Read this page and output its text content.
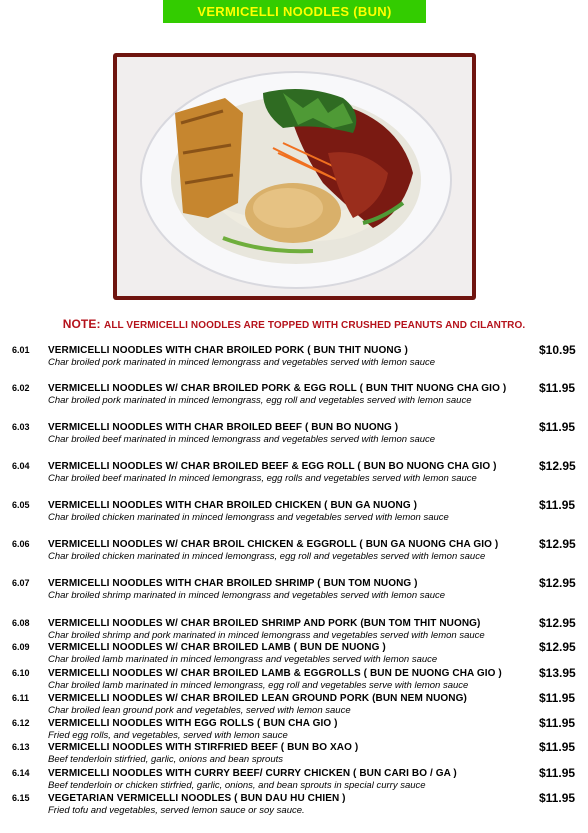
VERMICELLI NOODLES (BUN)
NOTE: ALL VERMICELLI NOODLES ARE TOPPED WITH CRUSHED PEANUTS AND CILANTRO.
6.01 VERMICELLI NOODLES WITH CHAR BROILED PORK ( BUN THIT NUONG )
Char broiled pork marinated in minced lemongrass and vegetables served with lemon sauce
$10.95
6.02 VERMICELLI NOODLES W/ CHAR BROILED PORK & EGG ROLL ( BUN THIT NUONG CHA GIO )
Char broiled pork marinated in minced lemongrass, egg roll and vegetables served with lemon sauce
$11.95
6.03 VERMICELLI NOODLES WITH CHAR BROILED BEEF ( BUN BO NUONG )
Char broiled beef marinated in minced lemongrass and vegetables served with lemon sauce
$11.95
6.04 VERMICELLI NOODLES W/ CHAR BROILED BEEF & EGG ROLL ( BUN BO NUONG CHA GIO )
Char broiled beef marinated In minced lemongrass, egg rolls and vegetables served with lemon sauce
$12.95
6.05 VERMICELLI NOODLES WITH CHAR BROILED CHICKEN ( BUN GA NUONG )
Char broiled chicken marinated in minced lemongrass and vegetables served with lemon sauce
$11.95
6.06 VERMICELLI NOODLES W/ CHAR BROIL CHICKEN & EGGROLL ( BUN GA NUONG CHA GIO )
Char broiled chicken marinated in minced lemongrass, egg roll and vegetables served with lemon sauce
$12.95
6.07 VERMICELLI NOODLES WITH CHAR BROILED SHRIMP ( BUN TOM NUONG )
Char broiled shrimp marinated in minced lemongrass and vegetables served with lemon sauce
$12.95
6.08 VERMICELLI NOODLES W/ CHAR BROILED SHRIMP AND PORK (BUN TOM THIT NUONG)
Char broiled shrimp and pork marinated in minced lemongrass and vegetables served with lemon sauce
$12.95
6.09 VERMICELLI NOODLES W/ CHAR BROILED LAMB ( BUN DE NUONG )
Char broiled lamb marinated in minced lemongrass and vegetables served with lemon sauce
$12.95
6.10 VERMICELLI NOODLES W/ CHAR BROILED LAMB & EGGROLLS ( BUN DE NUONG CHA GIO )
Char broiled lamb marinated in minced lemongrass, egg roll and vegetables serve with lemon sauce
$13.95
6.11 VERMICELLI NOODLES W/ CHAR BROILED LEAN GROUND PORK (BUN NEM NUONG)
Char broiled lean ground pork and vegetables, served with lemon sauce
$11.95
6.12 VERMICELLI NOODLES WITH EGG ROLLS ( BUN CHA GIO )
Fried egg rolls, and vegetables, served with lemon sauce
$11.95
6.13 VERMICELLI NOODLES WITH STIRFRIED BEEF ( BUN BO XAO )
Beef tenderloin stirfried, garlic, onions and bean sprouts
$11.95
6.14 VERMICELLI NOODLES WITH CURRY BEEF/ CURRY CHICKEN ( BUN CARI BO / GA )
Beef tenderloin or chicken stirfried, garlic, onions, and bean sprouts in special curry sauce
$11.95
6.15 VEGETARIAN VERMICELLI NOODLES ( BUN DAU HU CHIEN )
Fried tofu and vegetables, served lemon sauce or soy sauce.
$11.95
